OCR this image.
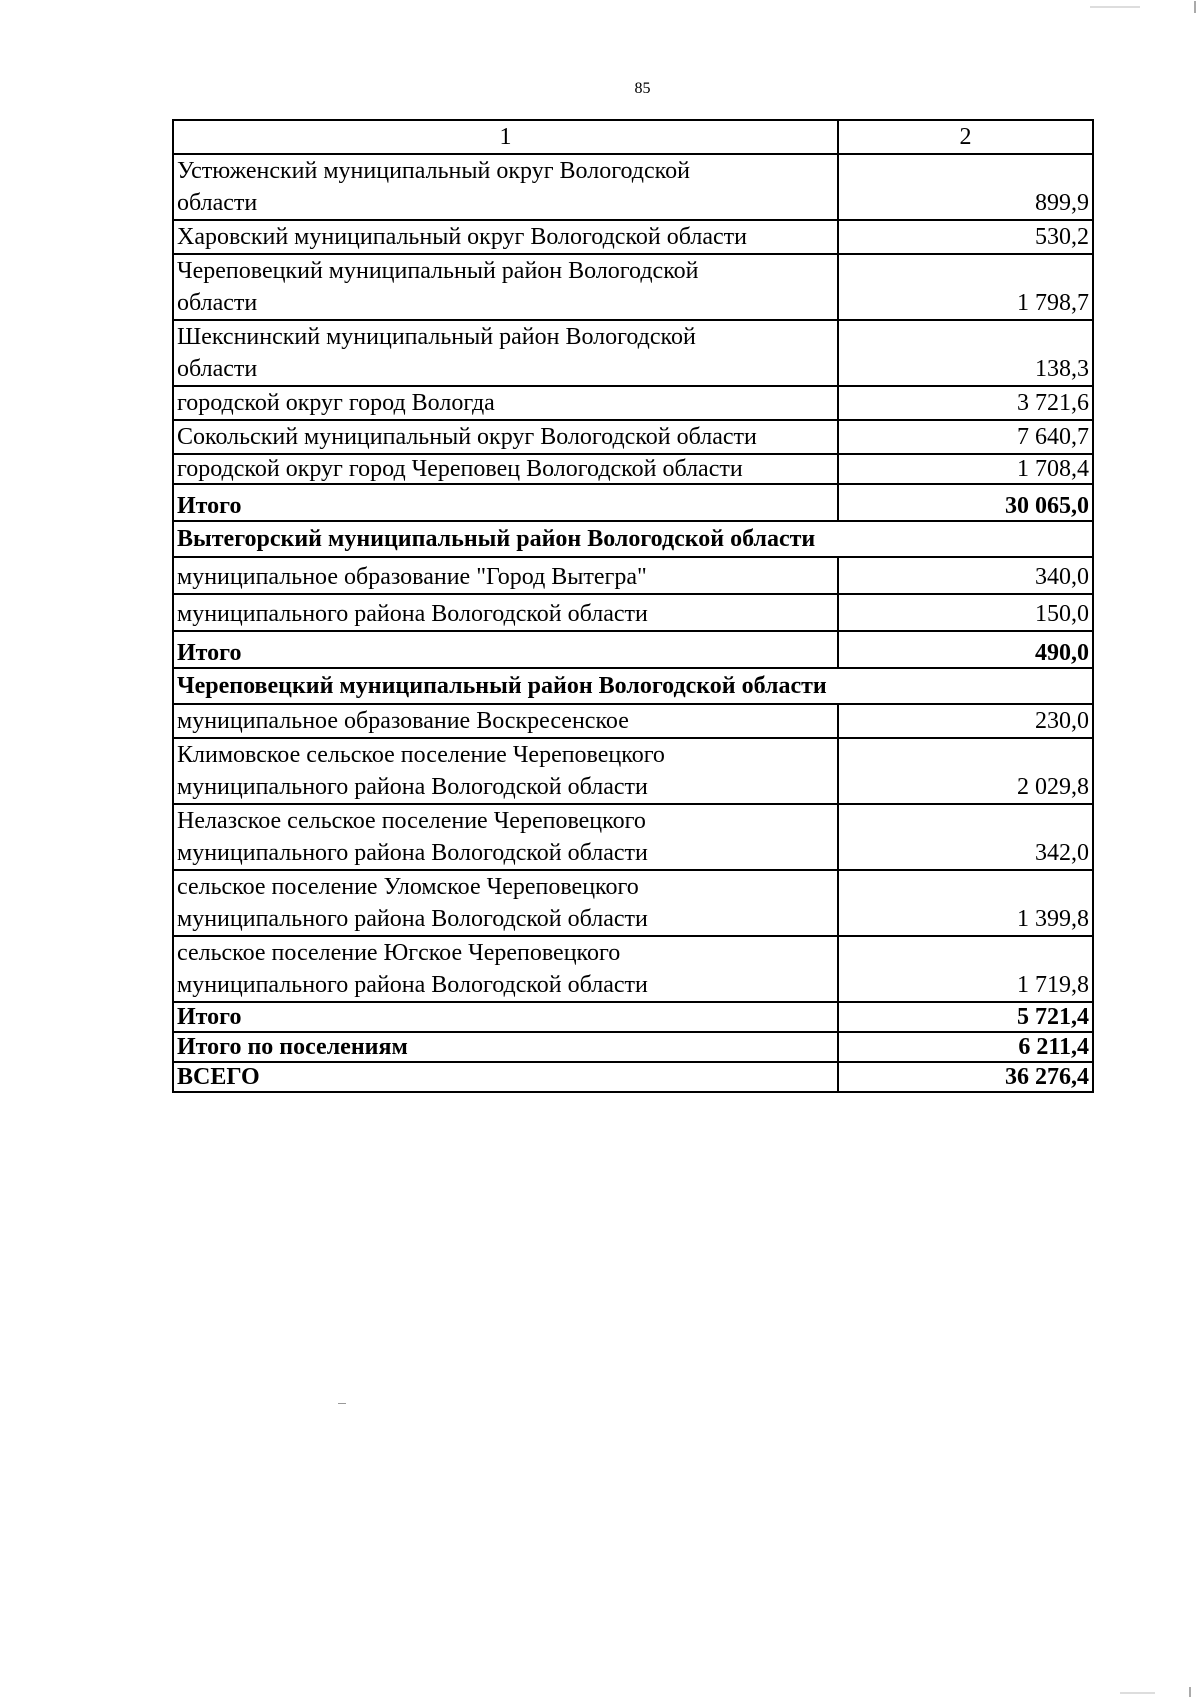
85
1	2

Устюженский муниципальный округ Вологодской
области	899,9

Харовский муниципальный округ Вологодской области	530,2

Череповецкий муниципальный район Вологодской
области	1 798,7

Шекснинский муниципальный район Вологодской
области	138,3

городской округ город Вологда	3 721,6

Сокольский муниципальный округ Вологодской области	7 640,7

городской округ город Череповец Вологодской области	1 708,4

Итого	30 065,0

Вытегорский муниципальный район Вологодской области	

муниципальное образование "Город Вытегра"	340,0

муниципального района Вологодской области	150,0

Итого	490,0

Череповецкий муниципальный район Вологодской области	

муниципальное образование Воскресенское	230,0

Климовское сельское поселение Череповецкого
муниципального района Вологодской области	2 029,8

Нелазское сельское поселение Череповецкого
муниципального района Вологодской области	342,0

сельское поселение Уломское Череповецкого
муниципального района Вологодской области	1 399,8

сельское поселение Югское Череповецкого
муниципального района Вологодской области	1 719,8

Итого	5 721,4

Итого по поселениям	6 211,4

ВСЕГО	36 276,4
